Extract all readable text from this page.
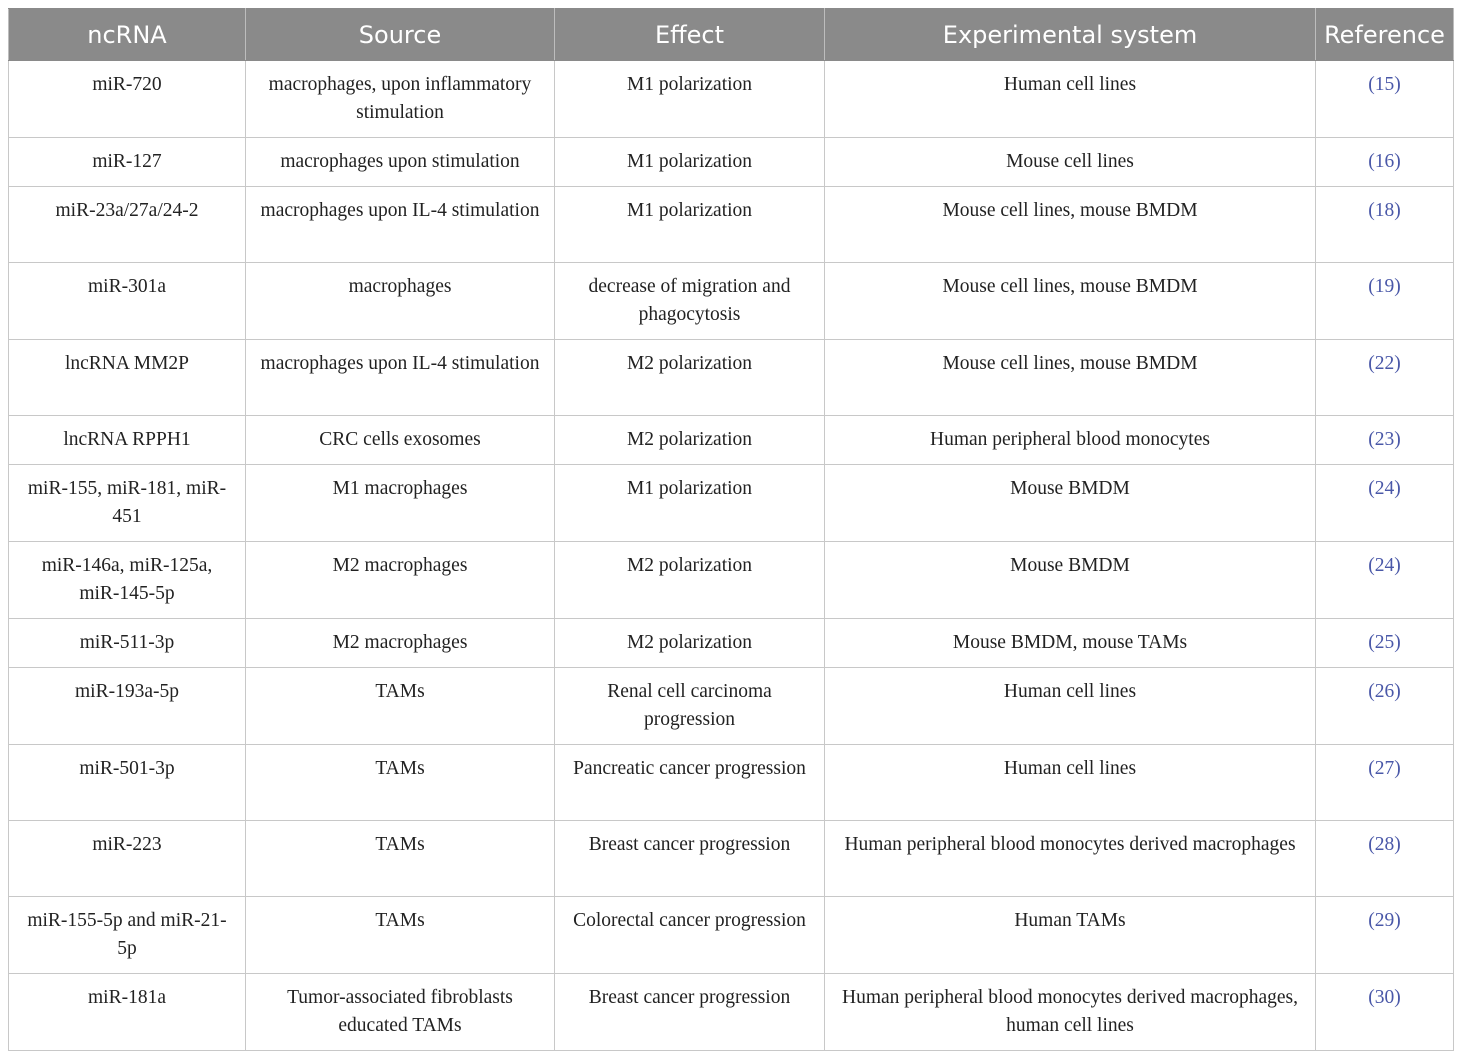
ncRNA	Source	Effect	Experimental system	Reference
miR-720	macrophages, upon inflammatory stimulation	M1 polarization	Human cell lines	(15)
miR-127	macrophages upon stimulation	M1 polarization	Mouse cell lines	(16)
miR-23a/27a/24-2	macrophages upon IL-4 stimulation	M1 polarization	Mouse cell lines, mouse BMDM	(18)
miR-301a	macrophages	decrease of migration and phagocytosis	Mouse cell lines, mouse BMDM	(19)
lncRNA MM2P	macrophages upon IL-4 stimulation	M2 polarization	Mouse cell lines, mouse BMDM	(22)
lncRNA RPPH1	CRC cells exosomes	M2 polarization	Human peripheral blood monocytes	(23)
miR-155, miR-181, miR-451	M1 macrophages	M1 polarization	Mouse BMDM	(24)
miR-146a, miR-125a, miR-145-5p	M2 macrophages	M2 polarization	Mouse BMDM	(24)
miR-511-3p	M2 macrophages	M2 polarization	Mouse BMDM, mouse TAMs	(25)
miR-193a-5p	TAMs	Renal cell carcinoma progression	Human cell lines	(26)
miR-501-3p	TAMs	Pancreatic cancer progression	Human cell lines	(27)
miR-223	TAMs	Breast cancer progression	Human peripheral blood monocytes derived macrophages	(28)
miR-155-5p and miR-21-5p	TAMs	Colorectal cancer progression	Human TAMs	(29)
miR-181a	Tumor-associated fibroblasts educated TAMs	Breast cancer progression	Human peripheral blood monocytes derived macrophages, human cell lines	(30)
